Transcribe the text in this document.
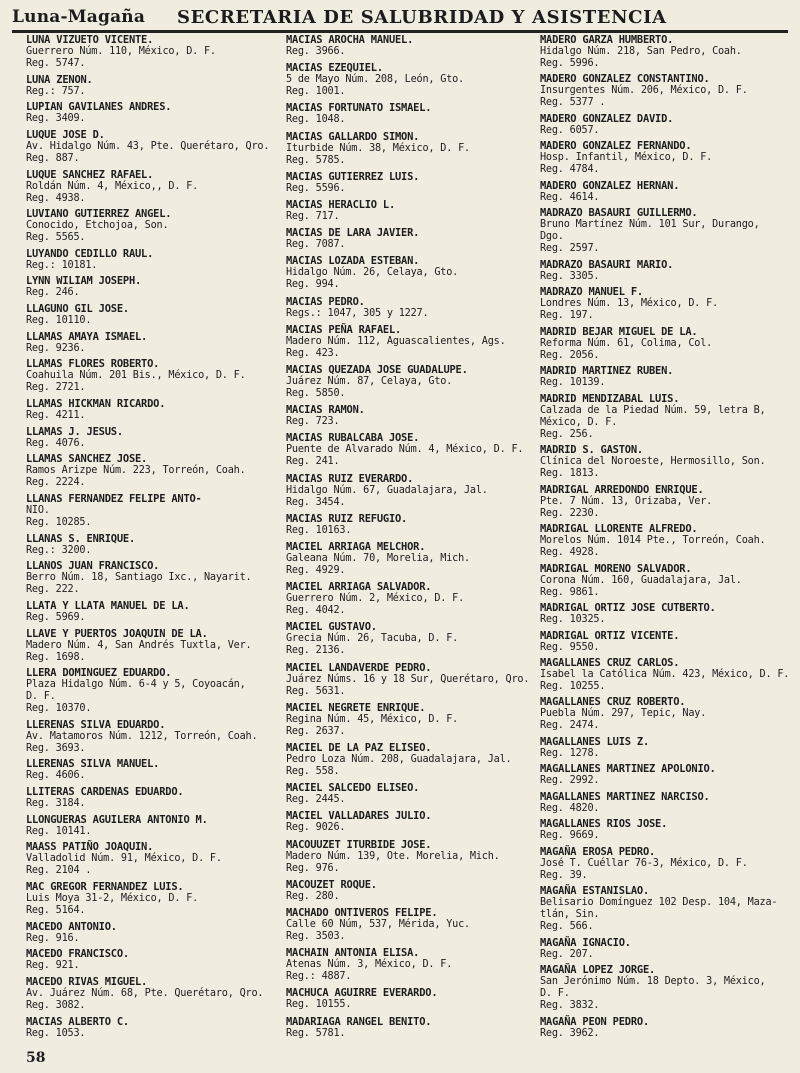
Luna-Magaña	SECRETARIA DE SALUBRIDAD Y ASISTENCIA
LUNA VIZUETO VICENTE.
Guerrero Núm. 110, México, D. F.
Reg. 5747.
LUNA ZENON.
Reg.: 757.
LUPIAN GAVILANES ANDRES.
Reg. 3409.
LUQUE JOSE D.
Av. Hidalgo Núm. 43, Pte. Querétaro, Qro.
Reg. 887.
LUQUE SANCHEZ RAFAEL.
Roldán Núm. 4, México,, D. F.
Reg. 4938.
LUVIANO GUTIERREZ ANGEL.
Conocido, Etchojoa, Son.
Reg. 5565.
LUYANDO CEDILLO RAUL.
Reg.: 10181.
LYNN WILIAM JOSEPH.
Reg. 246.
LLAGUNO GIL JOSE.
Reg. 10110.
LLAMAS AMAYA ISMAEL.
Reg. 9236.
LLAMAS FLORES ROBERTO.
Coahuila Núm. 201 Bis., México, D. F.
Reg. 2721.
LLAMAS HICKMAN RICARDO.
Reg. 4211.
LLAMAS J. JESUS.
Reg. 4076.
LLAMAS SANCHEZ JOSE.
Ramos Arizpe Núm. 223, Torreón, Coah.
Reg. 2224.
LLANAS FERNANDEZ FELIPE ANTO-
NIO.
Reg. 10285.
LLANAS S. ENRIQUE.
Reg.: 3200.
LLANOS JUAN FRANCISCO.
Berro Núm. 18, Santiago Ixc., Nayarit.
Reg. 222.
LLATA Y LLATA MANUEL DE LA.
Reg. 5969.
LLAVE Y PUERTOS JOAQUIN DE LA.
Madero Núm. 4, San Andrés Tuxtla, Ver.
Reg. 1698.
LLERA DOMINGUEZ EDUARDO.
Plaza Hidalgo Núm. 6-4 y 5, Coyoacán,
D. F.
Reg. 10370.
LLERENAS SILVA EDUARDO.
Av. Matamoros Núm. 1212, Torreón, Coah.
Reg. 3693.
LLERENAS SILVA MANUEL.
Reg. 4606.
LLITERAS CARDENAS EDUARDO.
Reg. 3184.
LLONGUERAS AGUILERA ANTONIO M.
Reg. 10141.
MAASS PATIÑO JOAQUIN.
Valladolid Núm. 91, México, D. F.
Reg. 2104 .
MAC GREGOR FERNANDEZ LUIS.
Luis Moya 31-2, México, D. F.
Reg. 5164.
MACEDO ANTONIO.
Reg. 916.
MACEDO FRANCISCO.
Reg. 921.
MACEDO RIVAS MIGUEL.
Av. Juárez Núm. 68, Pte. Querétaro, Qro.
Reg. 3082.
MACIAS ALBERTO C.
Reg. 1053.
MACIAS AROCHA MANUEL.
Reg. 3966.
MACIAS EZEQUIEL.
5 de Mayo Núm. 208, León, Gto.
Reg. 1001.
MACIAS FORTUNATO ISMAEL.
Reg. 1048.
MACIAS GALLARDO SIMON.
Iturbide Núm. 38, México, D. F.
Reg. 5785.
MACIAS GUTIERREZ LUIS.
Reg. 5596.
MACIAS HERACLIO L.
Reg. 717.
MACIAS DE LARA JAVIER.
Reg. 7087.
MACIAS LOZADA ESTEBAN.
Hidalgo Núm. 26, Celaya, Gto.
Reg. 994.
MACIAS PEDRO.
Regs.: 1047, 305 y 1227.
MACIAS PEÑA RAFAEL.
Madero Núm. 112, Aguascalientes, Ags.
Reg. 423.
MACIAS QUEZADA JOSE GUADALUPE.
Juárez Núm. 87, Celaya, Gto.
Reg. 5850.
MACIAS RAMON.
Reg. 723.
MACIAS RUBALCABA JOSE.
Puente de Alvarado Núm. 4, México, D. F.
Reg. 241.
MACIAS RUIZ EVERARDO.
Hidalgo Núm. 67, Guadalajara, Jal.
Reg. 3454.
MACIAS RUIZ REFUGIO.
Reg. 10163.
MACIEL ARRIAGA MELCHOR.
Galeana Núm. 70, Morelia, Mich.
Reg. 4929.
MACIEL ARRIAGA SALVADOR.
Guerrero Núm. 2, México, D. F.
Reg. 4042.
MACIEL GUSTAVO.
Grecia Núm. 26, Tacuba, D. F.
Reg. 2136.
MACIEL LANDAVERDE PEDRO.
Juárez Núms. 16 y 18 Sur, Querétaro, Qro.
Reg. 5631.
MACIEL NEGRETE ENRIQUE.
Regina Núm. 45, México, D. F.
Reg. 2637.
MACIEL DE LA PAZ ELISEO.
Pedro Loza Núm. 208, Guadalajara, Jal.
Reg. 558.
MACIEL SALCEDO ELISEO.
Reg. 2445.
MACIEL VALLADARES JULIO.
Reg. 9026.
MACOUUZET ITURBIDE JOSE.
Madero Núm. 139, Ote. Morelia, Mich.
Reg. 976.
MACOUZET ROQUE.
Reg. 280.
MACHADO ONTIVEROS FELIPE.
Calle 60 Núm, 537, Mérida, Yuc.
Reg. 3503.
MACHAIN ANTONIA ELISA.
Atenas Núm. 3, México, D. F.
Reg.: 4887.
MACHUCA AGUIRRE EVERARDO.
Reg. 10155.
MADARIAGA RANGEL BENITO.
Reg. 5781.
MADERO GARZA HUMBERTO.
Hidalgo Núm. 218, San Pedro, Coah.
Reg. 5996.
MADERO GONZALEZ CONSTANTINO.
Insurgentes Núm. 206, México, D. F.
Reg. 5377 .
MADERO GONZALEZ DAVID.
Reg. 6057.
MADERO GONZALEZ FERNANDO.
Hosp. Infantil, México, D. F.
Reg. 4784.
MADERO GONZALEZ HERNAN.
Reg. 4614.
MADRAZO BASAURI GUILLERMO.
Bruno Martínez Núm. 101 Sur, Durango,
Dgo.
Reg. 2597.
MADRAZO BASAURI MARIO.
Reg. 3305.
MADRAZO MANUEL F.
Londres Núm. 13, México, D. F.
Reg. 197.
MADRID BEJAR MIGUEL DE LA.
Reforma Núm. 61, Colima, Col.
Reg. 2056.
MADRID MARTINEZ RUBEN.
Reg. 10139.
MADRID MENDIZABAL LUIS.
Calzada de la Piedad Núm. 59, letra B,
México, D. F.
Reg. 256.
MADRID S. GASTON.
Clínica del Noroeste, Hermosillo, Son.
Reg. 1813.
MADRIGAL ARREDONDO ENRIQUE.
Pte. 7 Núm. 13, Orizaba, Ver.
Reg. 2230.
MADRIGAL LLORENTE ALFREDO.
Morelos Núm. 1014 Pte., Torreón, Coah.
Reg. 4928.
MADRIGAL MORENO SALVADOR.
Corona Núm. 160, Guadalajara, Jal.
Reg. 9861.
MADRIGAL ORTIZ JOSE CUTBERTO.
Reg. 10325.
MADRIGAL ORTIZ VICENTE.
Reg. 9550.
MAGALLANES CRUZ CARLOS.
Isabel la Católica Núm. 423, México, D. F.
Reg. 10255.
MAGALLANES CRUZ ROBERTO.
Puebla Núm. 297, Tepic, Nay.
Reg. 2474.
MAGALLANES LUIS Z.
Reg. 1278.
MAGALLANES MARTINEZ APOLONIO.
Reg. 2992.
MAGALLANES MARTINEZ NARCISO.
Reg. 4820.
MAGALLANES RIOS JOSE.
Reg. 9669.
MAGAÑA EROSA PEDRO.
José T. Cuéllar 76-3, México, D. F.
Reg. 39.
MAGAÑA ESTANISLAO.
Belisario Domínguez 102 Desp. 104, Maza-
tlán, Sin.
Reg. 566.
MAGAÑA IGNACIO.
Reg. 207.
MAGAÑA LOPEZ JORGE.
San Jerónimo Núm. 18 Depto. 3, México,
D. F.
Reg. 3832.
MAGAÑA PEON PEDRO.
Reg. 3962.
58
